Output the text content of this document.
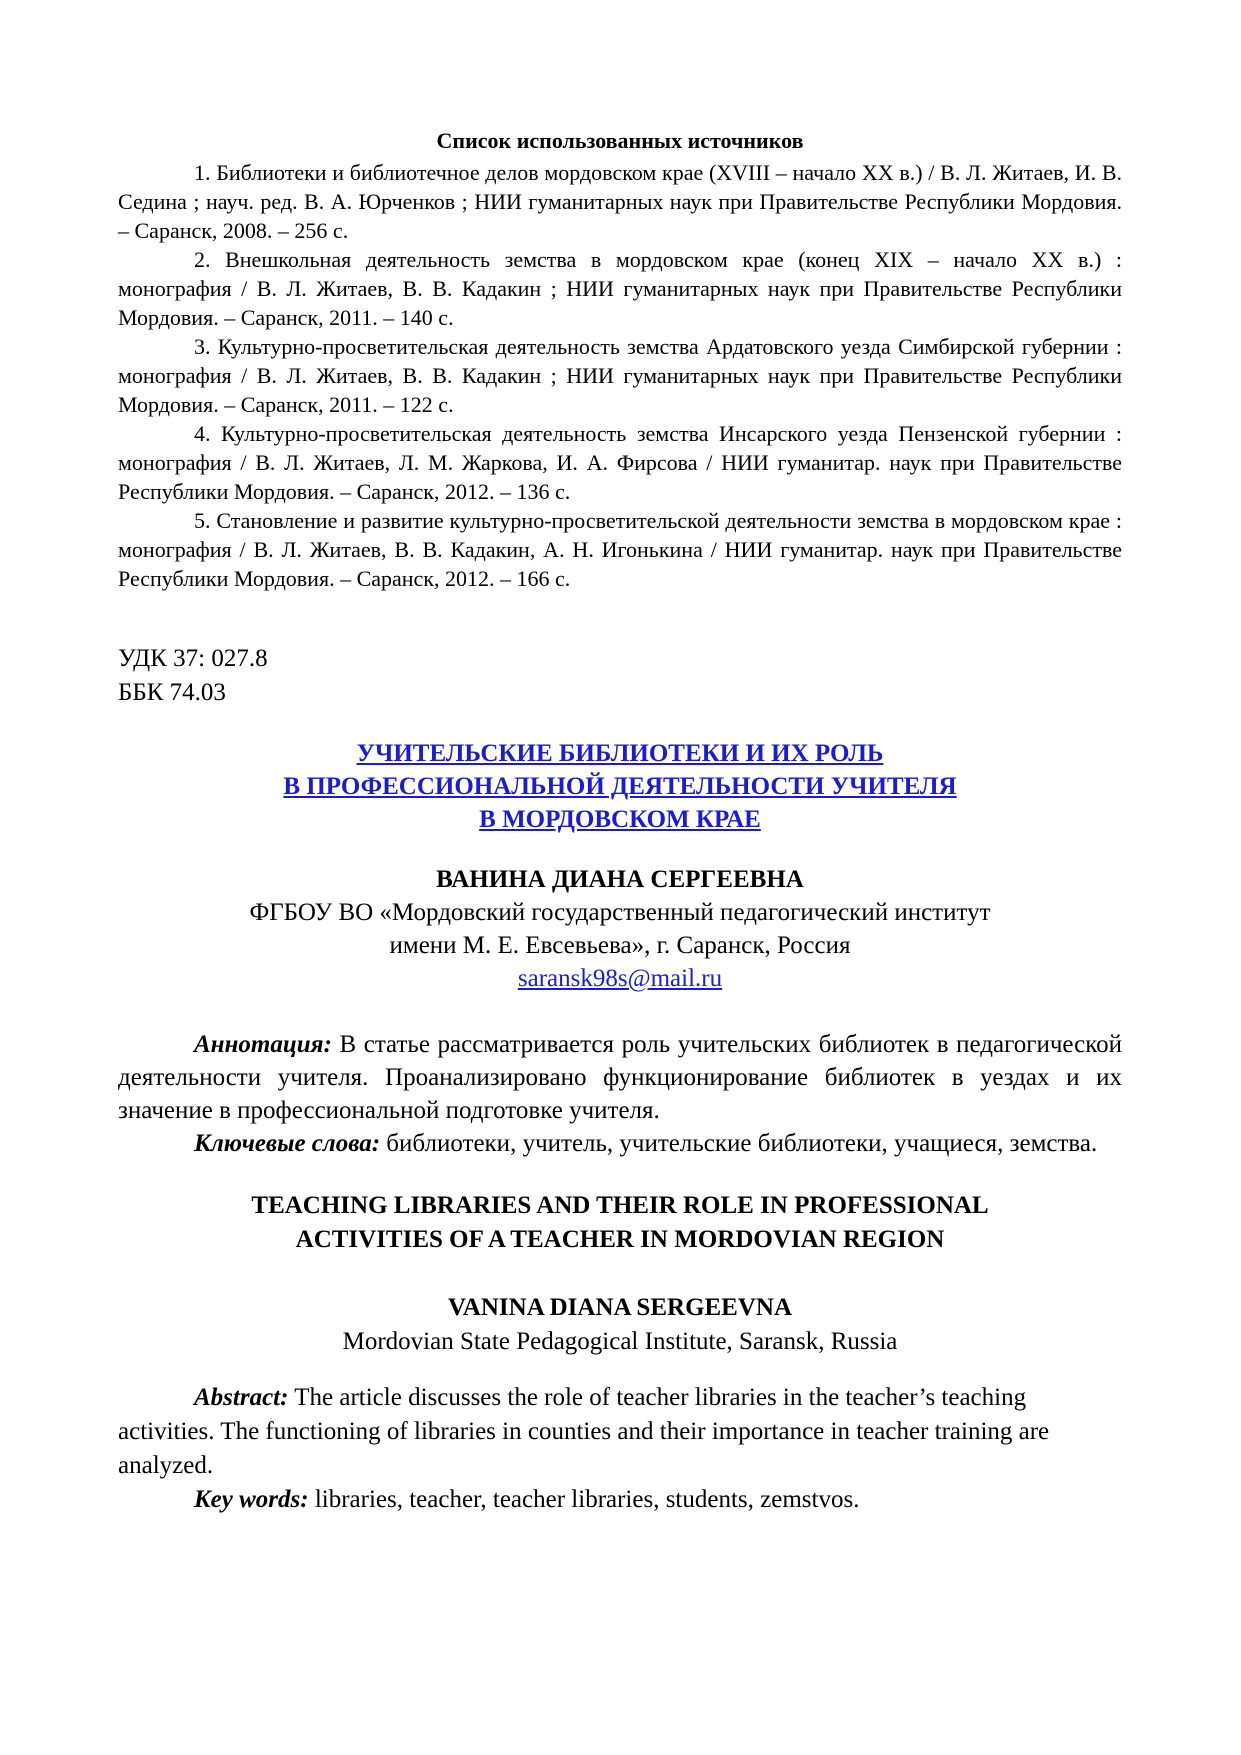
Список использованных источников
1. Библиотеки и библиотечное делов мордовском крае (XVIII – начало XX в.) / В. Л. Житаев, И. В. Седина ; науч. ред. В. А. Юрченков ; НИИ гуманитарных наук при Правительстве Республики Мордовия. – Саранск, 2008. – 256 с.
2. Внешкольная деятельность земства в мордовском крае (конец XIX – начало XX в.) : монография / В. Л. Житаев, В. В. Кадакин ; НИИ гуманитарных наук при Правительстве Республики Мордовия. – Саранск, 2011. – 140 с.
3. Культурно-просветительская деятельность земства Ардатовского уезда Симбирской губернии : монография / В. Л. Житаев, В. В. Кадакин ; НИИ гуманитарных наук при Правительстве Республики Мордовия. – Саранск, 2011. – 122 с.
4. Культурно-просветительская деятельность земства Инсарского уезда Пензенской губернии : монография / В. Л. Житаев, Л. М. Жаркова, И. А. Фирсова / НИИ гуманитар. наук при Правительстве Республики Мордовия. – Саранск, 2012. – 136 с.
5. Становление и развитие культурно-просветительской деятельности земства в мордовском крае : монография / В. Л. Житаев, В. В. Кадакин, А. Н. Игонькина / НИИ гуманитар. наук при Правительстве Республики Мордовия. – Саранск, 2012. – 166 с.
УДК 37: 027.8
ББК 74.03
УЧИТЕЛЬСКИЕ БИБЛИОТЕКИ И ИХ РОЛЬ
В ПРОФЕССИОНАЛЬНОЙ ДЕЯТЕЛЬНОСТИ УЧИТЕЛЯ
В МОРДОВСКОМ КРАЕ
ВАНИНА ДИАНА СЕРГЕЕВНА
ФГБОУ ВО «Мордовский государственный педагогический институт
имени М. Е. Евсевьева», г. Саранск, Россия
saransk98s@mail.ru

Аннотация: В статье рассматривается роль учительских библиотек в педагогической деятельности учителя. Проанализировано функционирование библиотек в уездах и их значение в профессиональной подготовке учителя.

Ключевые слова: библиотеки, учитель, учительские библиотеки, учащиеся, земства.

TEACHING LIBRARIES AND THEIR ROLE IN PROFESSIONAL
ACTIVITIES OF A TEACHER IN MORDOVIAN REGION
VANINA DIANA SERGEEVNA
Mordovian State Pedagogical Institute, Saransk, Russia

Abstract: The article discusses the role of teacher libraries in the teacher’s teaching activities. The functioning of libraries in counties and their importance in teacher training are analyzed.

Key words: libraries, teacher, teacher libraries, students, zemstvos.
